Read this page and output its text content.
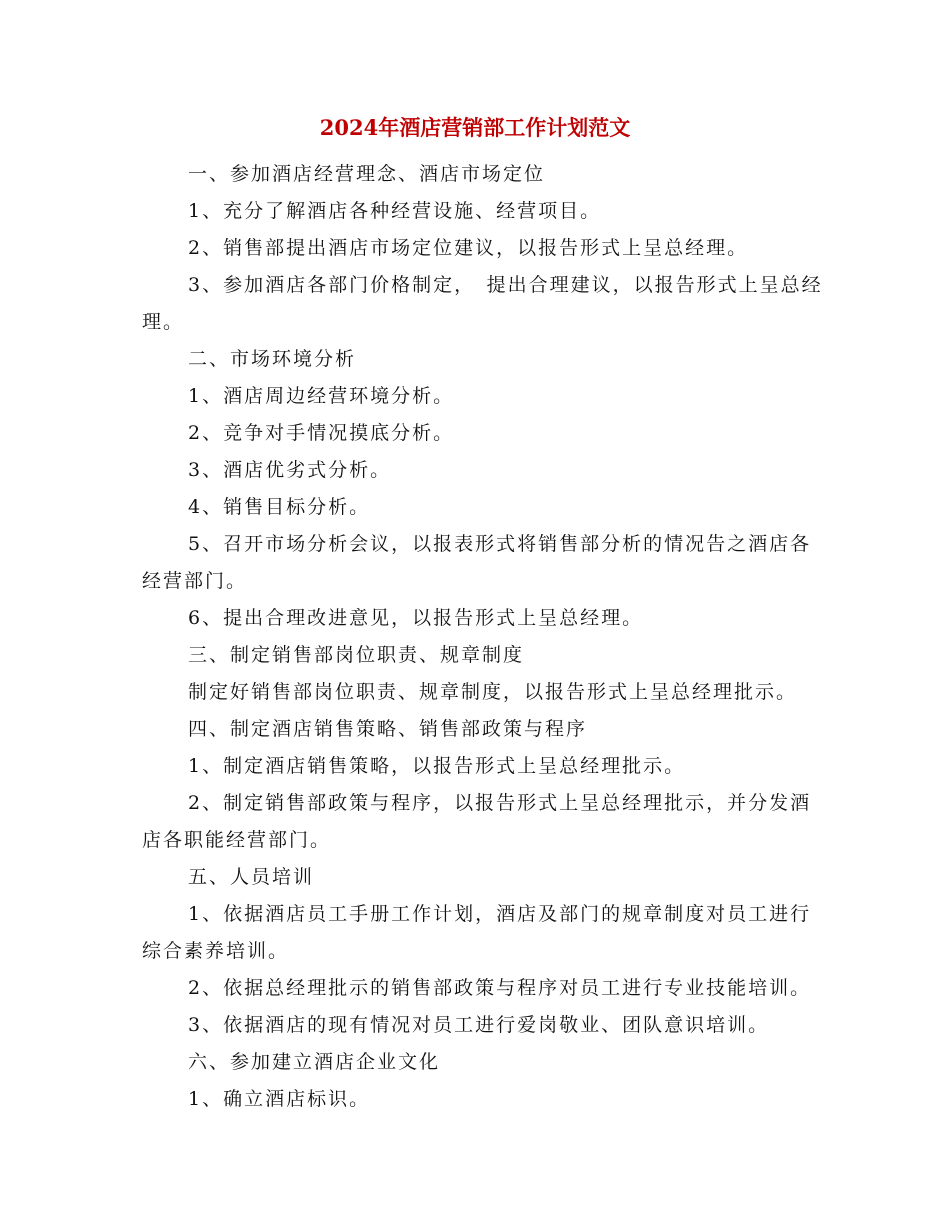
2024年酒店营销部工作计划范文

一、参加酒店经营理念、酒店市场定位

1、充分了解酒店各种经营设施、经营项目。

2、销售部提出酒店市场定位建议，以报告形式上呈总经理。

3、参加酒店各部门价格制定，　提出合理建议，以报告形式上呈总经理。

二、市场环境分析

1、酒店周边经营环境分析。

2、竞争对手情况摸底分析。

3、酒店优劣式分析。

4、销售目标分析。

5、召开市场分析会议，以报表形式将销售部分析的情况告之酒店各经营部门。

6、提出合理改进意见，以报告形式上呈总经理。

三、制定销售部岗位职责、规章制度

制定好销售部岗位职责、规章制度，以报告形式上呈总经理批示。

四、制定酒店销售策略、销售部政策与程序

1、制定酒店销售策略，以报告形式上呈总经理批示。

2、制定销售部政策与程序，以报告形式上呈总经理批示，并分发酒店各职能经营部门。

五、人员培训

1、依据酒店员工手册工作计划，酒店及部门的规章制度对员工进行综合素养培训。

2、依据总经理批示的销售部政策与程序对员工进行专业技能培训。

3、依据酒店的现有情况对员工进行爱岗敬业、团队意识培训。

六、参加建立酒店企业文化

1、确立酒店标识。
